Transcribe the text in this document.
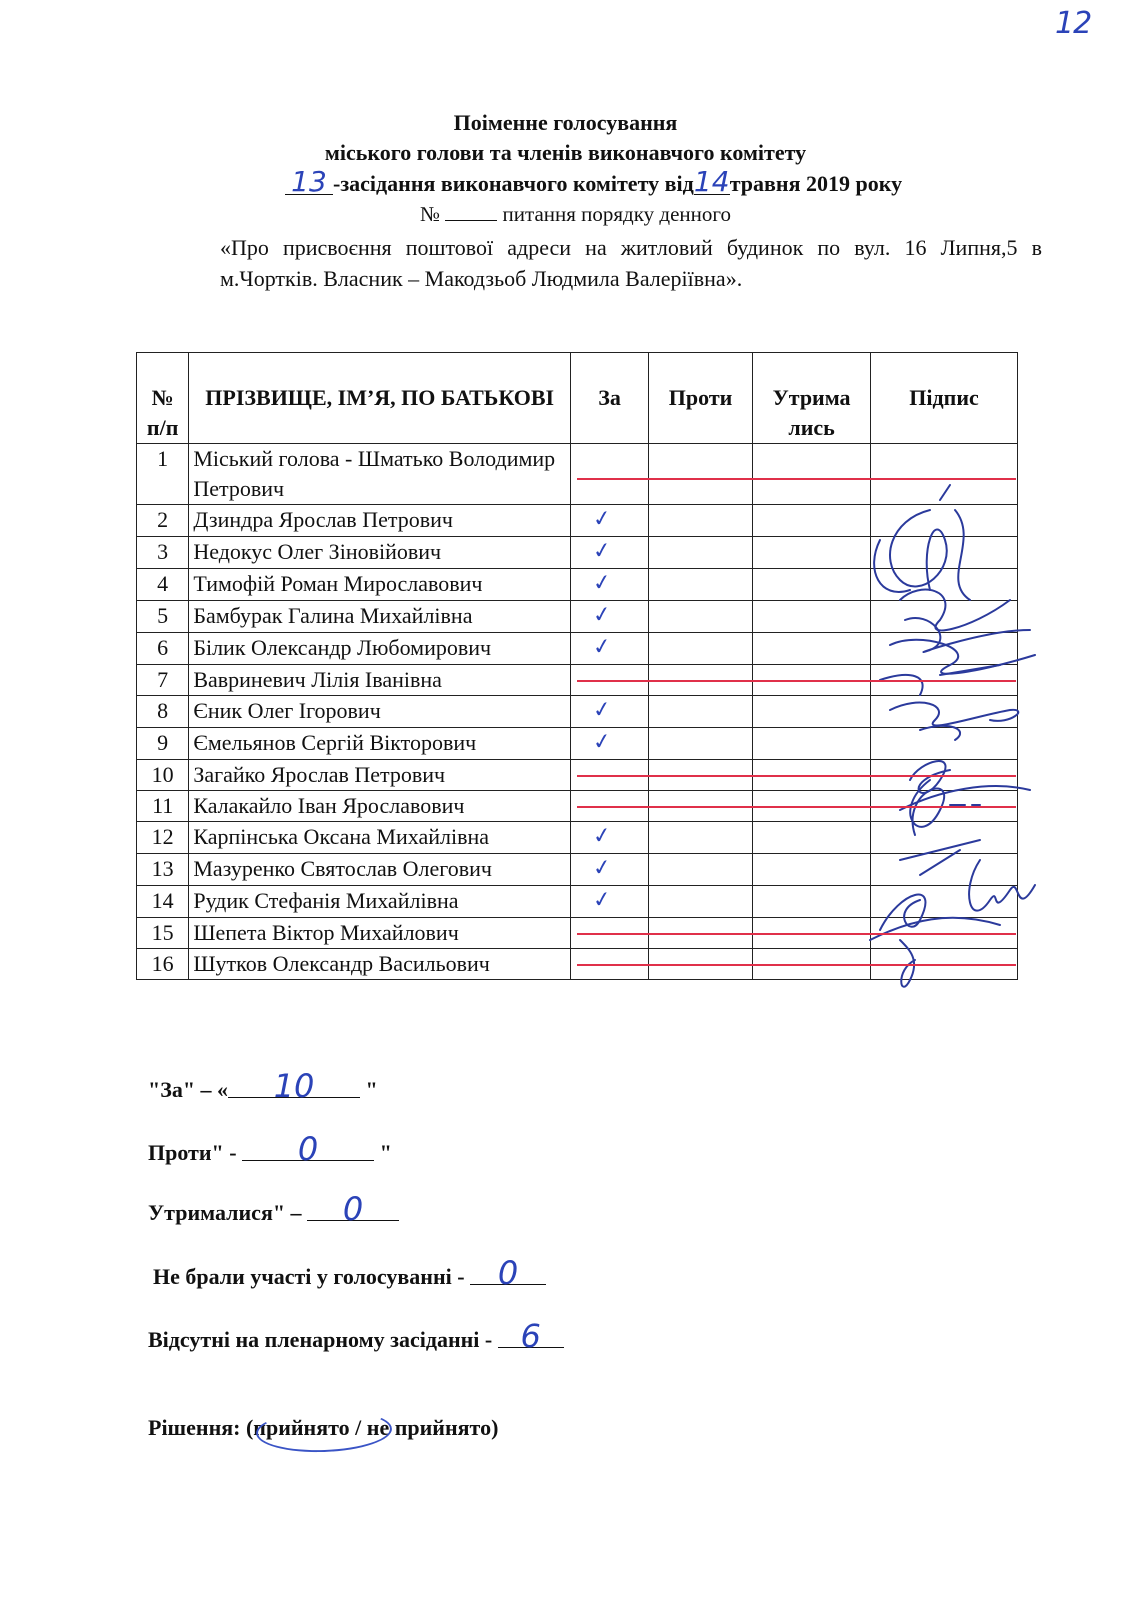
12
Поіменне голосування
міського голови та членів виконавчого комітету
13 -засідання виконавчого комітету від14травня 2019 року
№	питання порядку денного
«Про присвоєння поштової адреси на житловий будинок по вул. 16 Липня,5 в м.Чортків. Власник – Макодзьоб Людмила Валеріївна».
№ п/п	ПРІЗВИЩЕ, ІМ’Я, ПО БАТЬКОВІ	За	Проти	Утрима лись	Підпис
1	Міський голова - Шматько Володимир Петрович				
2	Дзиндра Ярослав Петрович	✓			
3	Недокус Олег Зіновійович	✓			
4	Тимофій Роман Мирославович	✓			
5	Бамбурак Галина Михайлівна	✓			
6	Білик Олександр Любомирович	✓			
7	Вавриневич Лілія Іванівна				
8	Єник Олег Ігорович	✓			
9	Ємельянов Сергій Вікторович	✓			
10	Загайко Ярослав Петрович				
11	Калакайло Іван Ярославович				
12	Карпінська Оксана Михайлівна	✓			
13	Мазуренко Святослав Олегович	✓			
14	Рудик Стефанія Михайлівна	✓			
15	Шепета Віктор Михайлович				
16	Шутков Олександр Васильович				
"За" – « 10 "
Проти" - 0	"
Утрималися" – 0
Не брали участі у голосуванні - 0
Відсутні на пленарному засіданні - 6
Рішення: (прийнято / не прийнято)
